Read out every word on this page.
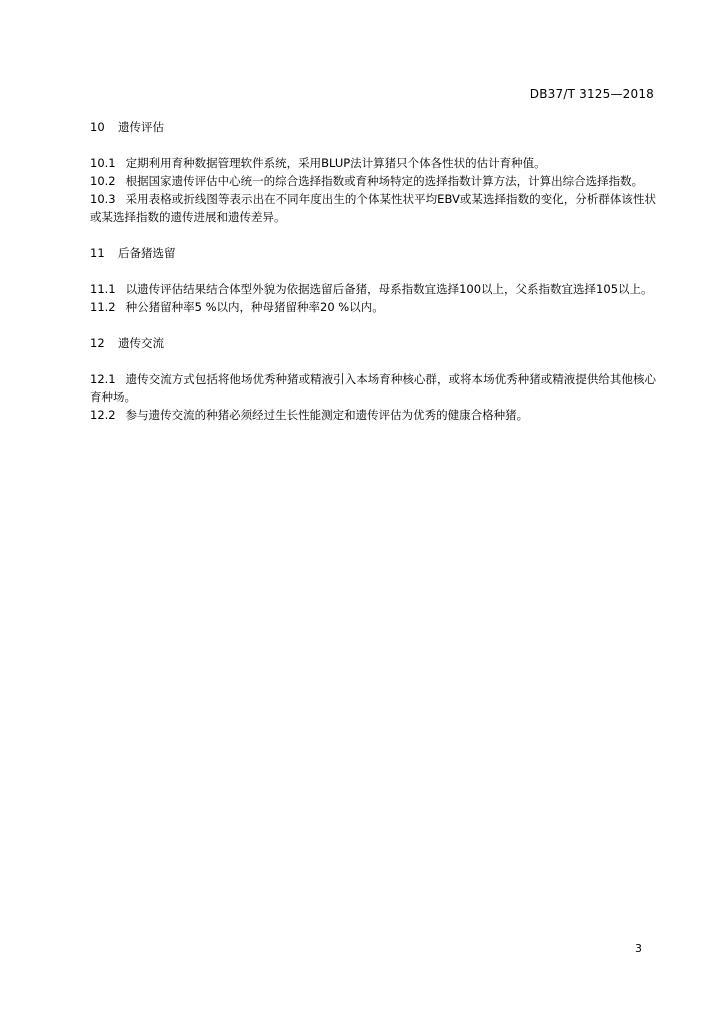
DB37/T 3125—2018

10 遗传评估

10.1 定期利用育种数据管理软件系统，采用BLUP法计算猪只个体各性状的估计育种值。

10.2 根据国家遗传评估中心统一的综合选择指数或育种场特定的选择指数计算方法，计算出综合选择指数。

10.3 采用表格或折线图等表示出在不同年度出生的个体某性状平均EBV或某选择指数的变化，分析群体该性状或某选择指数的遗传进展和遗传差异。

11 后备猪选留

11.1 以遗传评估结果结合体型外貌为依据选留后备猪，母系指数宜选择100以上，父系指数宜选择105以上。

11.2 种公猪留种率5 %以内，种母猪留种率20 %以内。

12 遗传交流

12.1 遗传交流方式包括将他场优秀种猪或精液引入本场育种核心群，或将本场优秀种猪或精液提供给其他核心育种场。

12.2 参与遗传交流的种猪必须经过生长性能测定和遗传评估为优秀的健康合格种猪。

3
